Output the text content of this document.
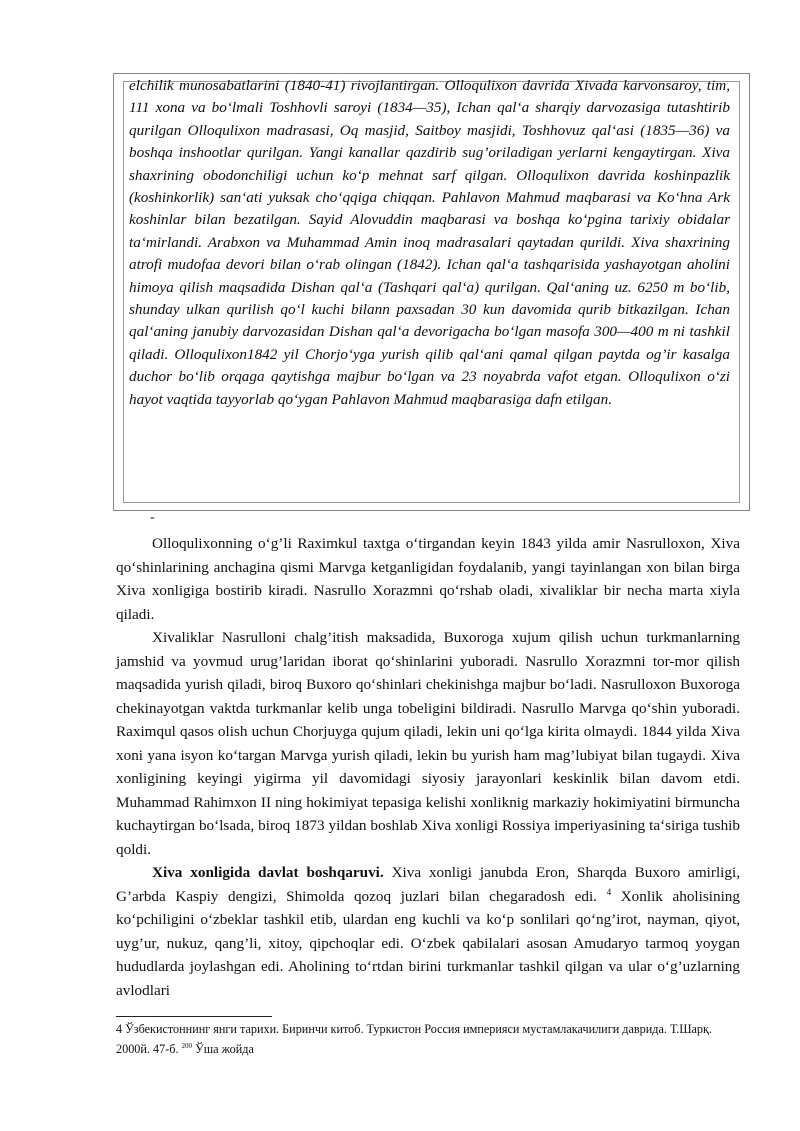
elchilik munosabatlarini (1840-41) rivojlantirgan. Olloqulixon davrida Xivada karvonsaroy, tim, 111 xona va bo‘lmali Toshhovli saroyi (1834—35), Ichan qal‘a sharqiy darvozasiga tutashtirib qurilgan Olloqulixon madrasasi, Oq masjid, Saitboy masjidi, Toshhovuz qal‘asi (1835—36) va boshqa inshootlar qurilgan. Yangi kanallar qazdirib sug’oriladigan yerlarni kengaytirgan. Xiva shaxrining obodonchiligi uchun ko‘p mehnat sarf qilgan. Olloqulixon davrida koshinpazlik (koshinkorlik) san‘ati yuksak cho‘qqiga chiqqan. Pahlavon Mahmud maqbarasi va Ko‘hna Ark koshinlar bilan bezatilgan. Sayid Alovuddin maqbarasi va boshqa ko‘pgina tarixiy obidalar ta‘mirlandi. Arabxon va Muhammad Amin inoq madrasalari qaytadan qurildi. Xiva shaxrining atrofi mudofaa devori bilan o‘rab olingan (1842). Ichan qal‘a tashqarisida yashayotgan aholini himoya qilish maqsadida Dishan qal‘a (Tashqari qal‘a) qurilgan. Qal‘aning uz. 6250 m bo‘lib, shunday ulkan qurilish qo‘l kuchi bilann paxsadan 30 kun davomida qurib bitkazilgan. Ichan qal‘aning janubiy darvozasidan Dishan qal‘a devorigacha bo‘lgan masofa 300—400 m ni tashkil qiladi. Olloqulixon1842 yil Chorjo‘yga yurish qilib qal‘ani qamal qilgan paytda og’ir kasalga duchor bo‘lib orqaga qaytishga majbur bo‘lgan va 23 noyabrda vafot etgan. Olloqulixon o‘zi hayot vaqtida tayyorlab qo‘ygan Pahlavon Mahmud maqbarasiga dafn etilgan.

-

Olloqulixonning o‘g’li Raximkul taxtga o‘tirgandan keyin 1843 yilda amir Nasrulloxon, Xiva qo‘shinlarining anchagina qismi Marvga ketganligidan foydalanib, yangi tayinlangan xon bilan birga Xiva xonligiga bostirib kiradi. Nasrullo Xorazmni qo‘rshab oladi, xivaliklar bir necha marta xiyla qiladi.

Xivaliklar Nasrulloni chalg’itish maksadida, Buxoroga xujum qilish uchun turkmanlarning jamshid va yovmud urug’laridan iborat qo‘shinlarini yuboradi. Nasrullo Xorazmni tor-mor qilish maqsadida yurish qiladi, biroq Buxoro qo‘shinlari chekinishga majbur bo‘ladi. Nasrulloxon Buxoroga chekinayotgan vaktda turkmanlar kelib unga tobeligini bildiradi. Nasrullo Marvga qo‘shin yuboradi. Raximqul qasos olish uchun Chorjuyga qujum qiladi, lekin uni qo‘lga kirita olmaydi. 1844 yilda Xiva xoni yana isyon ko‘targan Marvga yurish qiladi, lekin bu yurish ham mag’lubiyat bilan tugaydi. Xiva xonligining keyingi yigirma yil davomidagi siyosiy jarayonlari keskinlik bilan davom etdi. Muhammad Rahimxon II ning hokimiyat tepasiga kelishi xonliknig markaziy hokimiyatini birmuncha kuchaytirgan bo‘lsada, biroq 1873 yildan boshlab Xiva xonligi Rossiya imperiyasining ta‘siriga tushib qoldi.

Xiva xonligida davlat boshqaruvi. Xiva xonligi janubda Eron, Sharqda Buxoro amirligi, G’arbda Kaspiy dengizi, Shimolda qozoq juzlari bilan chegaradosh edi. $^4$ Xonlik aholisining ko‘pchiligini o‘zbeklar tashkil etib, ulardan eng kuchli va ko‘p sonlilari qo‘ng’irot, nayman, qiyot, uyg’ur, nukuz, qang’li, xitoy, qipchoqlar edi. O‘zbek qabilalari asosan Amudaryo tarmoq yoygan hududlarda joylashgan edi. Aholining to‘rtdan birini turkmanlar tashkil qilgan va ular o‘g’uzlarning avlodlari

4 Ўзбекистоннинг янги тарихи. Биринчи китоб. Туркистон Россия империяси мустамлакачилиги даврида. Т.Шарқ. 2000й. 47-б. $^{200}$ Ўша жойда
